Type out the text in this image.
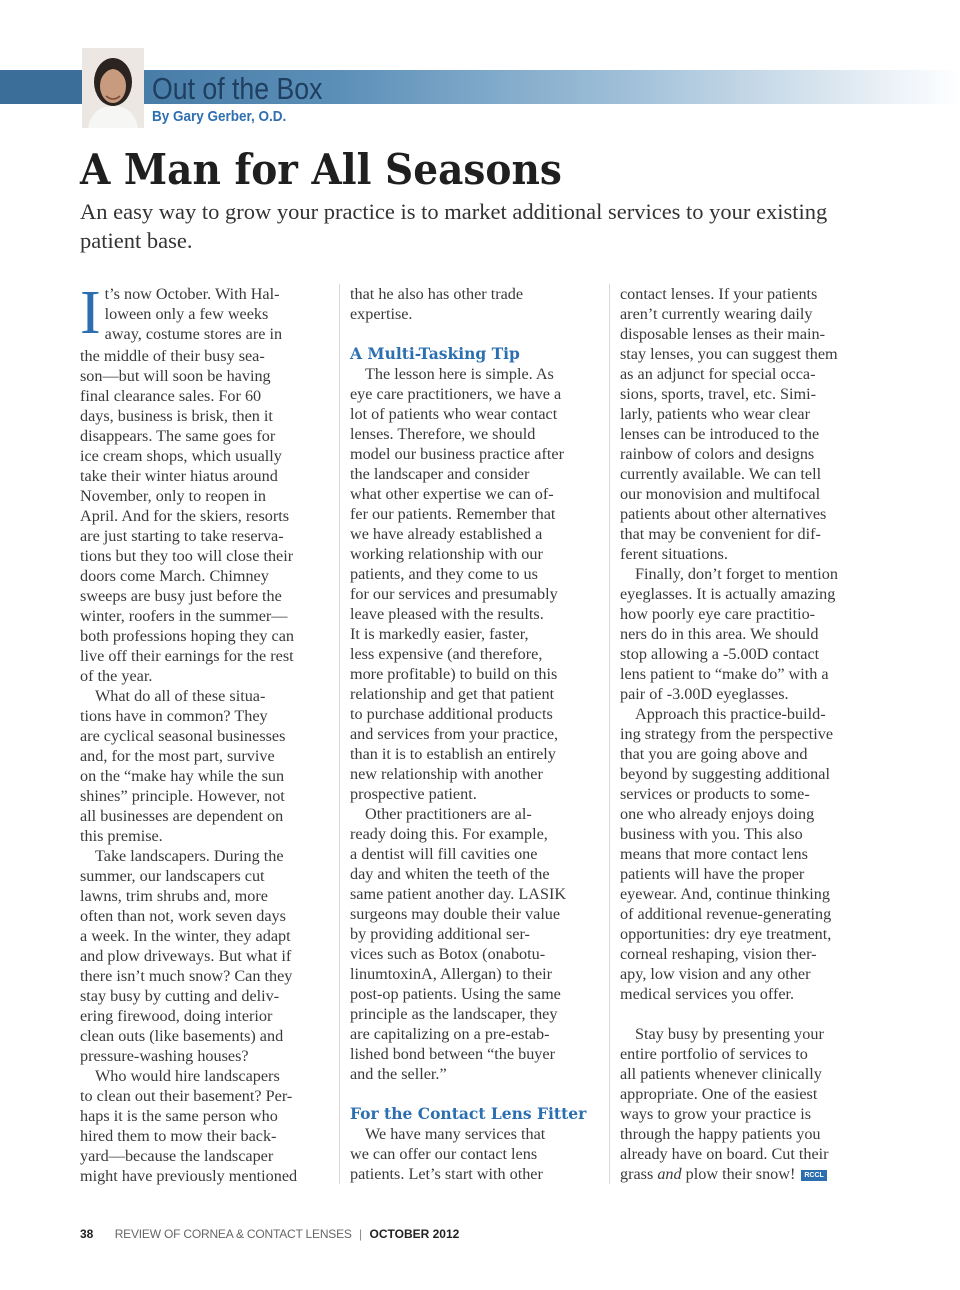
Out of the Box
By Gary Gerber, O.D.
A Man for All Seasons

An easy way to grow your practice is to market additional services to your existing patient base.

I t’s now October. With Hal-
loween only a few weeks
away, costume stores are in
the middle of their busy sea-
son—but will soon be having
final clearance sales. For 60
days, business is brisk, then it
disappears. The same goes for
ice cream shops, which usually
take their winter hiatus around
November, only to reopen in
April. And for the skiers, resorts
are just starting to take reserva-
tions but they too will close their
doors come March. Chimney
sweeps are busy just before the
winter, roofers in the summer—
both professions hoping they can
live off their earnings for the rest
of the year.
What do all of these situa-
tions have in common? They
are cyclical seasonal businesses
and, for the most part, survive
on the “make hay while the sun
shines” principle. However, not
all businesses are dependent on
this premise.
Take landscapers. During the
summer, our landscapers cut
lawns, trim shrubs and, more
often than not, work seven days
a week. In the winter, they adapt
and plow driveways. But what if
there isn’t much snow? Can they
stay busy by cutting and deliv-
ering firewood, doing interior
clean outs (like basements) and
pressure-washing houses?
Who would hire landscapers
to clean out their basement? Per-
haps it is the same person who
hired them to mow their back-
yard—because the landscaper
might have previously mentioned
that he also has other trade
expertise.
A Multi-Tasking Tip
The lesson here is simple. As
eye care practitioners, we have a
lot of patients who wear contact
lenses. Therefore, we should
model our business practice after
the landscaper and consider
what other expertise we can of-
fer our patients. Remember that
we have already established a
working relationship with our
patients, and they come to us
for our services and presumably
leave pleased with the results.
It is markedly easier, faster,
less expensive (and therefore,
more profitable) to build on this
relationship and get that patient
to purchase additional products
and services from your practice,
than it is to establish an entirely
new relationship with another
prospective patient.
Other practitioners are al-
ready doing this. For example,
a dentist will fill cavities one
day and whiten the teeth of the
same patient another day. LASIK
surgeons may double their value
by providing additional ser-
vices such as Botox (onabotu-
linumtoxinA, Allergan) to their
post-op patients. Using the same
principle as the landscaper, they
are capitalizing on a pre-estab-
lished bond between “the buyer
and the seller.”
For the Contact Lens Fitter
We have many services that
we can offer our contact lens
patients. Let’s start with other
contact lenses. If your patients
aren’t currently wearing daily
disposable lenses as their main-
stay lenses, you can suggest them
as an adjunct for special occa-
sions, sports, travel, etc. Simi-
larly, patients who wear clear
lenses can be introduced to the
rainbow of colors and designs
currently available. We can tell
our monovision and multifocal
patients about other alternatives
that may be convenient for dif-
ferent situations.
Finally, don’t forget to mention
eyeglasses. It is actually amazing
how poorly eye care practitio-
ners do in this area. We should
stop allowing a -5.00D contact
lens patient to “make do” with a
pair of -3.00D eyeglasses.
Approach this practice-build-
ing strategy from the perspective
that you are going above and
beyond by suggesting additional
services or products to some-
one who already enjoys doing
business with you. This also
means that more contact lens
patients will have the proper
eyewear. And, continue thinking
of additional revenue-generating
opportunities: dry eye treatment,
corneal reshaping, vision ther-
apy, low vision and any other
medical services you offer.
Stay busy by presenting your
entire portfolio of services to
all patients whenever clinically
appropriate. One of the easiest
ways to grow your practice is
through the happy patients you
already have on board. Cut their
grass and plow their snow! RCCL
38 REVIEW OF CORNEA & CONTACT LENSES | OCTOBER 2012
